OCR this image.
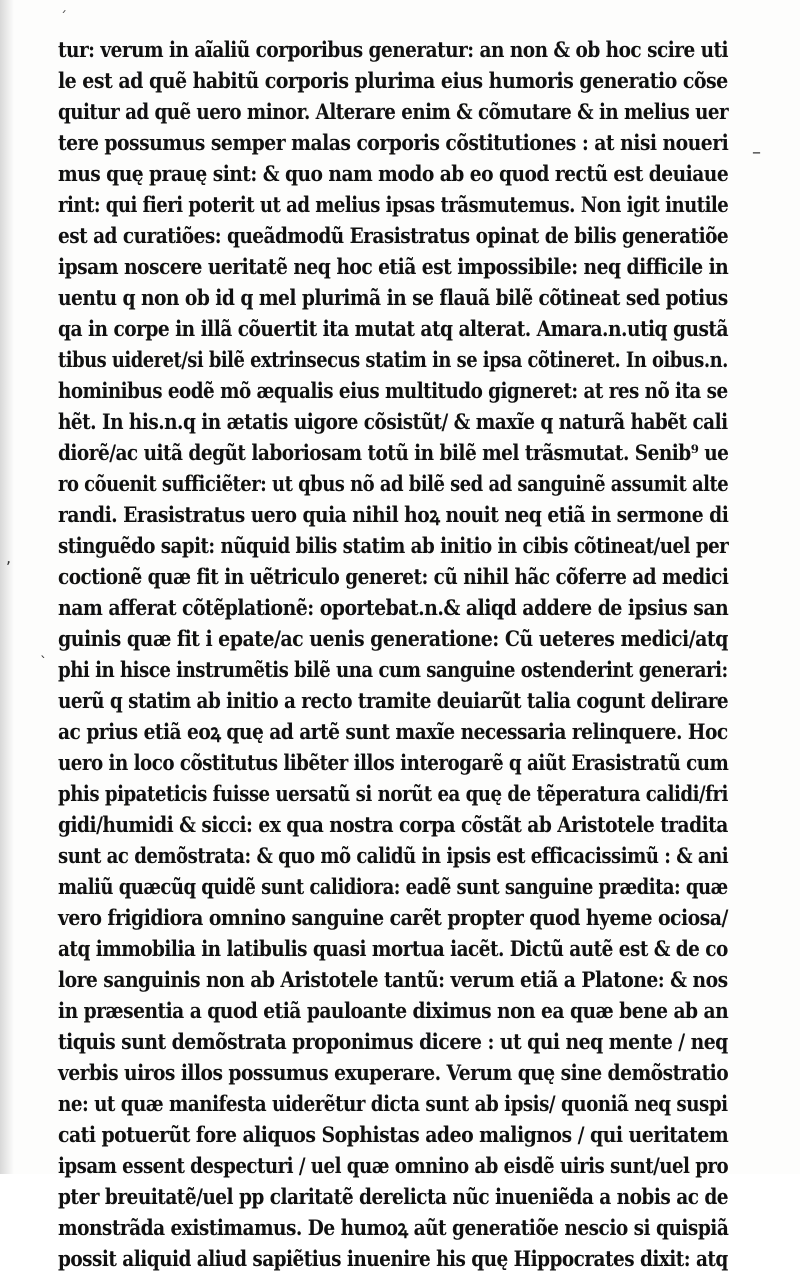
ˊ
–
,
ˋ
tur: verum in aĩaliũ corporibus generatur: an non & ob hoc scire uti
le est ad quẽ habitũ corporis plurima eius humoris generatio cõse
quitur ad quẽ uero minor. Alterare enim & cõmutare & in melius uer
tere possumus semper malas corporis cõstitutiones : at nisi noueri
mus quę prauę sint: & quo nam modo ab eo quod rectũ est deuiaue
rint: qui fieri poterit ut ad melius ipsas trãsmutemus. Non igit inutile
est ad curatiões: queãdmodũ Erasistratus opinat de bilis generatiõe
ipsam noscere ueritatẽ neq hoc etiã est impossibile: neq difficile in
uentu q non ob id q mel plurimã in se flauã bilẽ cõtineat sed potius
qa in corpe in illã cõuertit ita mutat atq alterat. Amara.n.utiq gustã
tibus uideret/si bilẽ extrinsecus statim in se ipsa cõtineret. In oibus.n.
hominibus eodẽ mõ æqualis eius multitudo gigneret: at res nõ ita se
hẽt. In his.n.q in ætatis uigore cõsistũt/ & maxĩe q naturã habẽt cali
diorẽ/ac uitã degũt laboriosam totũ in bilẽ mel trãsmutat. Senib⁹ ue
ro cõuenit sufficiẽter: ut qbus nõ ad bilẽ sed ad sanguinẽ assumit alte
randi. Erasistratus uero quia nihil hoꝝ nouit neq etiã in sermone di
stinguẽdo sapit: nũquid bilis statim ab initio in cibis cõtineat/uel per
coctionẽ quæ fit in uẽtriculo generet: cũ nihil hãc cõferre ad medici
nam afferat cõtẽplationẽ: oportebat.n.& aliqd addere de ipsius san
guinis quæ fit i epate/ac uenis generatione: Cũ ueteres medici/atq
phi in hisce instrumẽtis bilẽ una cum sanguine ostenderint generari:
uerũ q statim ab initio a recto tramite deuiarũt talia cogunt delirare
ac prius etiã eoꝝ quę ad artẽ sunt maxĩe necessaria relinquere. Hoc
uero in loco cõstitutus libẽter illos interogarẽ q aiũt Erasistratũ cum
phis pipateticis fuisse uersatũ si norũt ea quę de tẽperatura calidi/fri
gidi/humidi & sicci: ex qua nostra corpa cõstãt ab Aristotele tradita
sunt ac demõstrata: & quo mõ calidũ in ipsis est efficacissimũ : & ani
maliũ quæcũq quidẽ sunt calidiora: eadẽ sunt sanguine prædita: quæ
vero frigidiora omnino sanguine carẽt propter quod hyeme ociosa/
atq immobilia in latibulis quasi mortua iacẽt. Dictũ autẽ est & de co
lore sanguinis non ab Aristotele tantũ: verum etiã a Platone: & nos
in præsentia a quod etiã pauloante diximus non ea quæ bene ab an
tiquis sunt demõstrata proponimus dicere : ut qui neq mente / neq
verbis uiros illos possumus exuperare. Verum quę sine demõstratio
ne: ut quæ manifesta uiderẽtur dicta sunt ab ipsis/ quoniã neq suspi
cati potuerũt fore aliquos Sophistas adeo malignos / qui ueritatem
ipsam essent despecturi / uel quæ omnino ab eisdẽ uiris sunt/uel pro
pter breuitatẽ/uel pp claritatẽ derelicta nũc inueniẽda a nobis ac de
monstrãda existimamus. De humoꝝ aũt generatiõe nescio si quispiã
possit aliquid aliud sapiẽtius inuenire his quę Hippocrates dixit: atq
